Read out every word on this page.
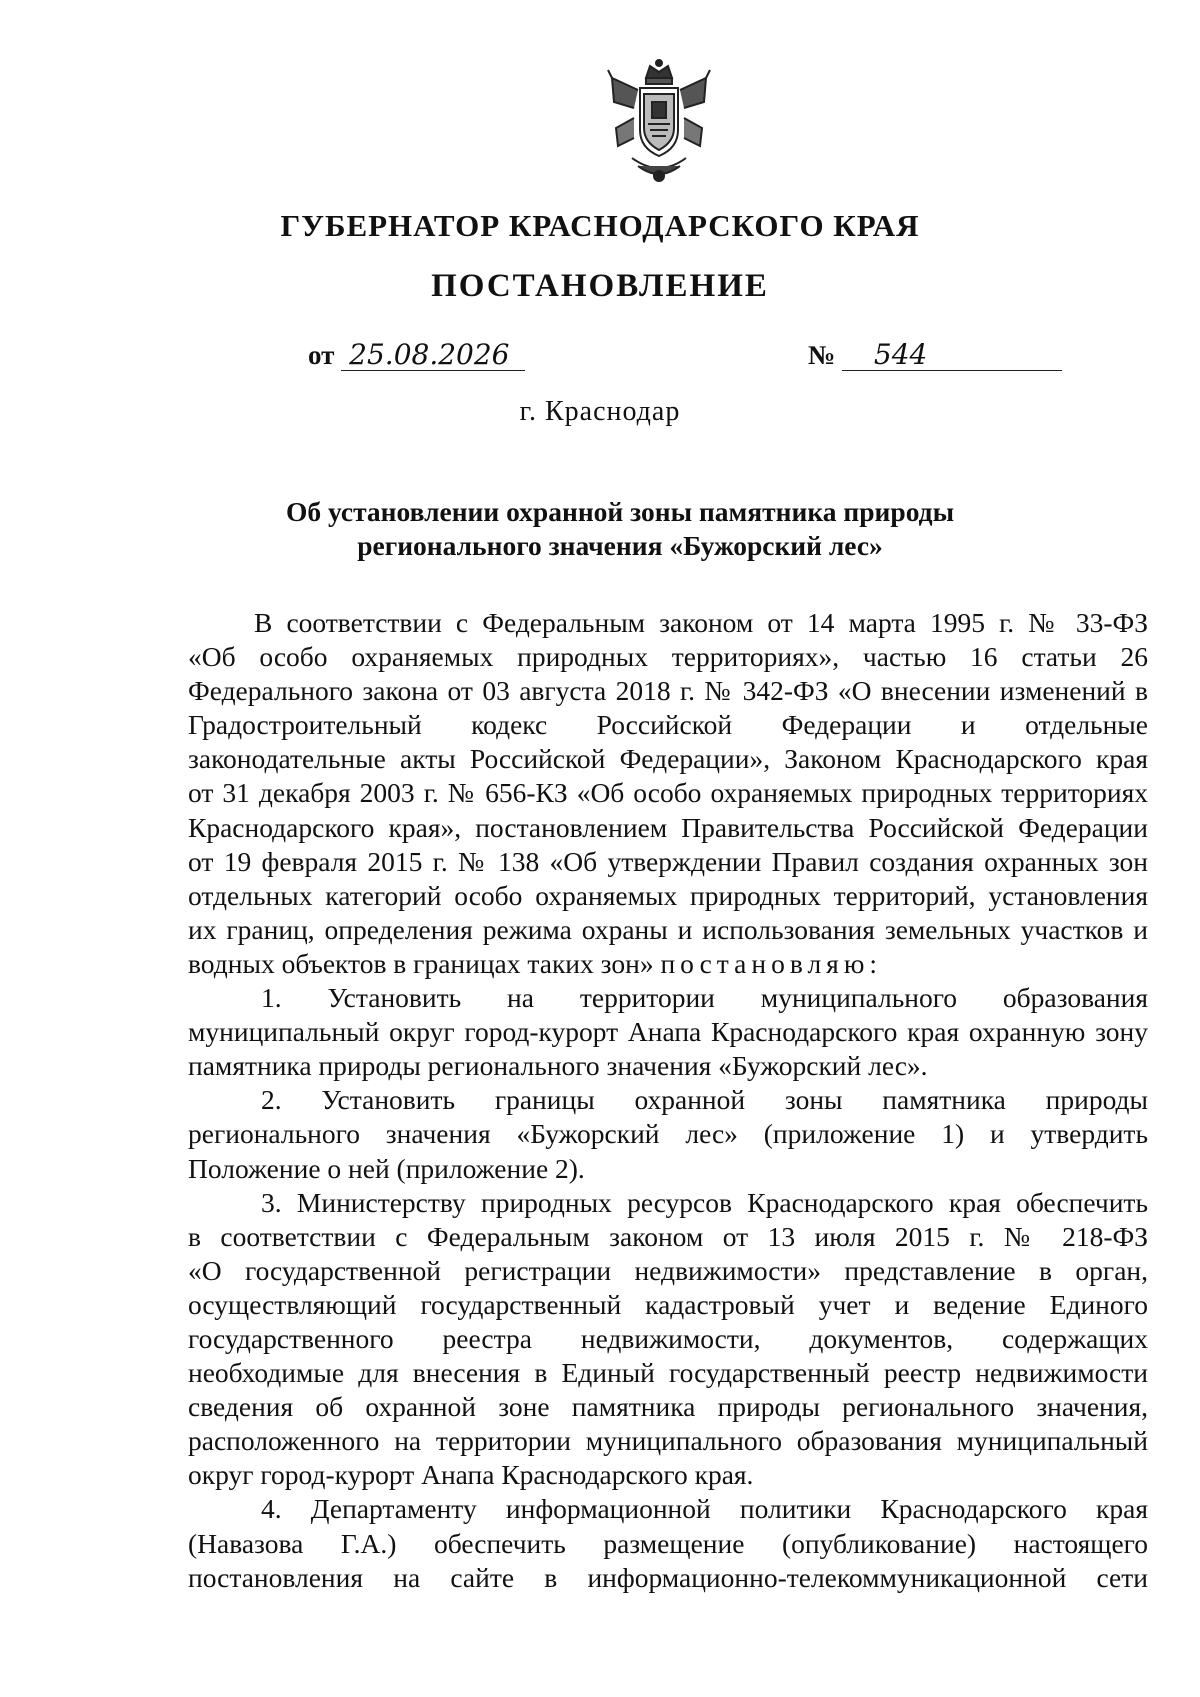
ГУБЕРНАТОР КРАСНОДАРСКОГО КРАЯ
ПОСТАНОВЛЕНИЕ
от 25.08.2026	№ 544
г. Краснодар
Об установлении охранной зоны памятника природы
регионального значения «Бужорский лес»
В соответствии с Федеральным законом от 14 марта 1995 г. № 33-ФЗ
«Об особо охраняемых природных территориях», частью 16 статьи 26
Федерального закона от 03 августа 2018 г. № 342-ФЗ «О внесении изменений в
Градостроительный кодекс Российской Федерации и отдельные
законодательные акты Российской Федерации», Законом Краснодарского края
от 31 декабря 2003 г. № 656-КЗ «Об особо охраняемых природных территориях
Краснодарского края», постановлением Правительства Российской Федерации
от 19 февраля 2015 г. № 138 «Об утверждении Правил создания охранных зон
отдельных категорий особо охраняемых природных территорий, установления
их границ, определения режима охраны и использования земельных участков и
водных объектов в границах таких зон» постановляю:
1. Установить на территории муниципального образования
муниципальный округ город-курорт Анапа Краснодарского края охранную зону
памятника природы регионального значения «Бужорский лес».
2. Установить границы охранной зоны памятника природы
регионального значения «Бужорский лес» (приложение 1) и утвердить
Положение о ней (приложение 2).
3. Министерству природных ресурсов Краснодарского края обеспечить
в соответствии с Федеральным законом от 13 июля 2015 г. № 218-ФЗ
«О государственной регистрации недвижимости» представление в орган,
осуществляющий государственный кадастровый учет и ведение Единого
государственного реестра недвижимости, документов, содержащих
необходимые для внесения в Единый государственный реестр недвижимости
сведения об охранной зоне памятника природы регионального значения,
расположенного на территории муниципального образования муниципальный
округ город-курорт Анапа Краснодарского края.
4. Департаменту информационной политики Краснодарского края
(Навазова Г.А.) обеспечить размещение (опубликование) настоящего
постановления на сайте в информационно-телекоммуникационной сети
